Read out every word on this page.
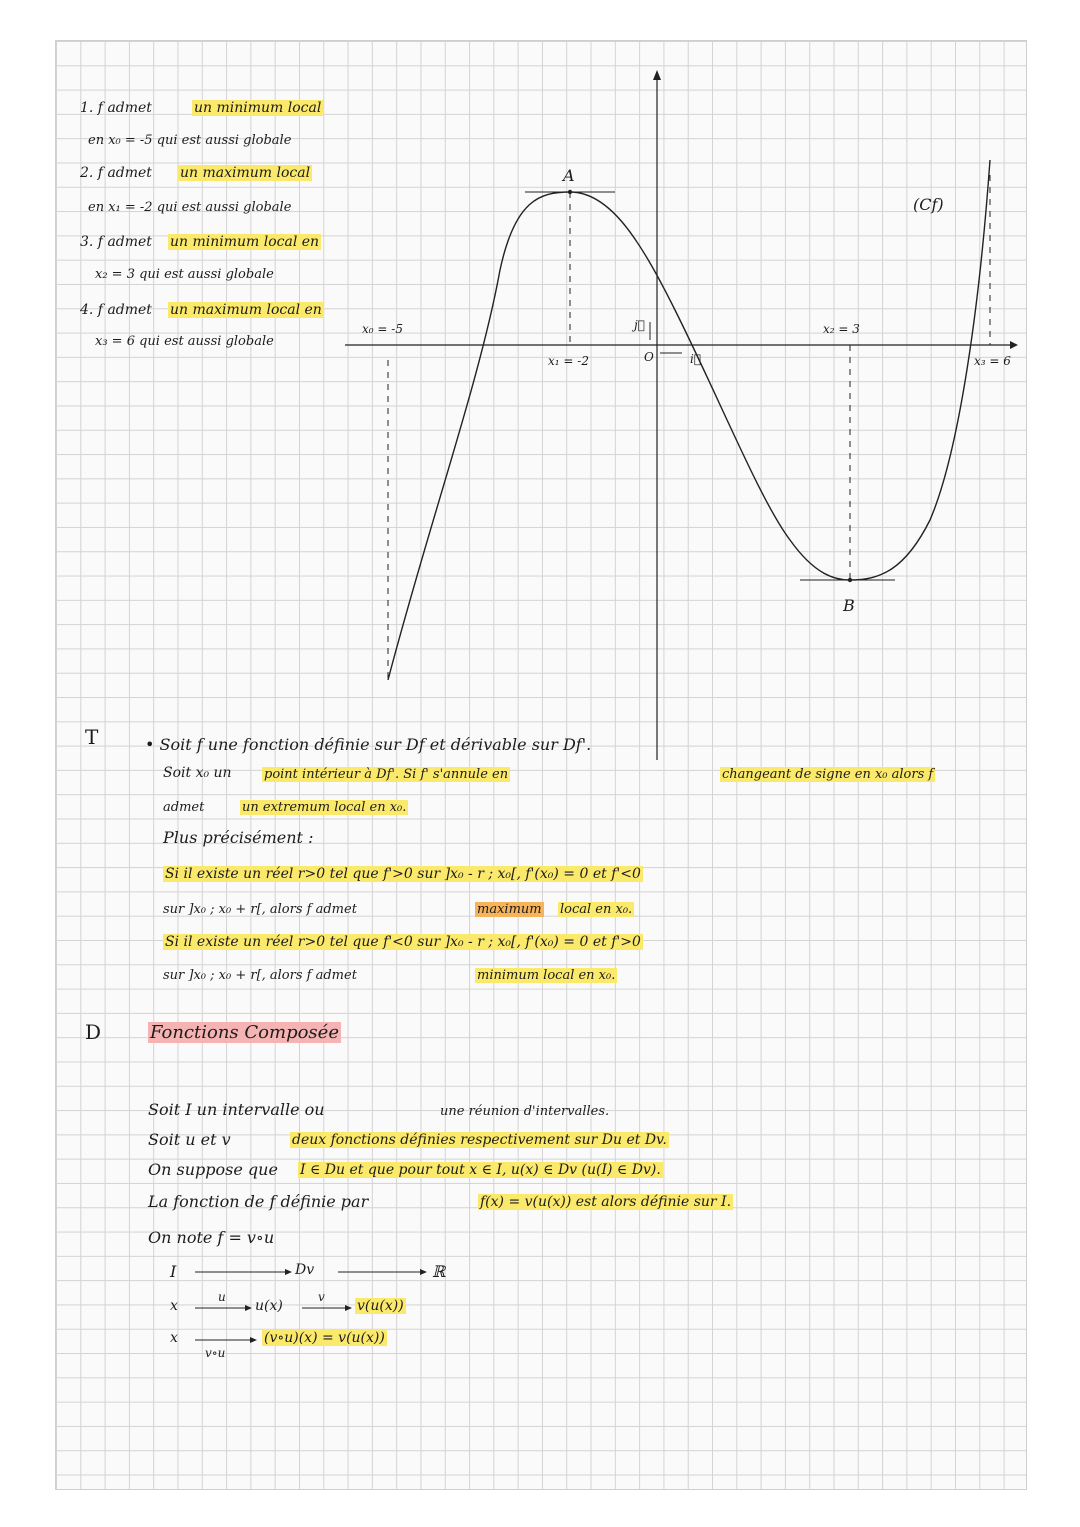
A
B
(Cf)
x₀ = -5
x₁ = -2
x₂ = 3
x₃ = 6
O	i⃗
j⃗
1. f admet	un minimum local
en x₀ = -5 qui est aussi globale
2. f admet un maximum local
en x₁ = -2 qui est aussi globale
3. f admet un minimum local en
x₂ = 3 qui est aussi globale
4. f admet un maximum local en
x₃ = 6 qui est aussi globale
T	• Soit f une fonction définie sur Df et dérivable sur Df'.
Soit x₀ un point intérieur à Df'. Si f' s'annule en	changeant de signe en x₀ alors f
admet	un extremum local en x₀.
Plus précisément :
Si il existe un réel r>0 tel que f'>0 sur ]x₀ - r ; x₀[, f'(x₀) = 0 et f'<0
sur ]x₀ ; x₀ + r[, alors f admet	maximum local en x₀.
Si il existe un réel r>0 tel que f'<0 sur ]x₀ - r ; x₀[, f'(x₀) = 0 et f'>0
sur ]x₀ ; x₀ + r[, alors f admet	minimum local en x₀.
D	Fonctions Composée
Soit I un intervalle ou	une réunion d'intervalles.
Soit u et v	deux fonctions définies respectivement sur Du et Dv.
On suppose que I ∈ Du et que pour tout x ∈ I, u(x) ∈ Dv (u(I) ∈ Dv).
La fonction de f définie par	f(x) = v(u(x)) est alors définie sur I.
On note f = v∘u
I	Dv	ℝ
x
u
u(x)
v
v(u(x))
x	(v∘u)(x) = v(u(x))
v∘u
